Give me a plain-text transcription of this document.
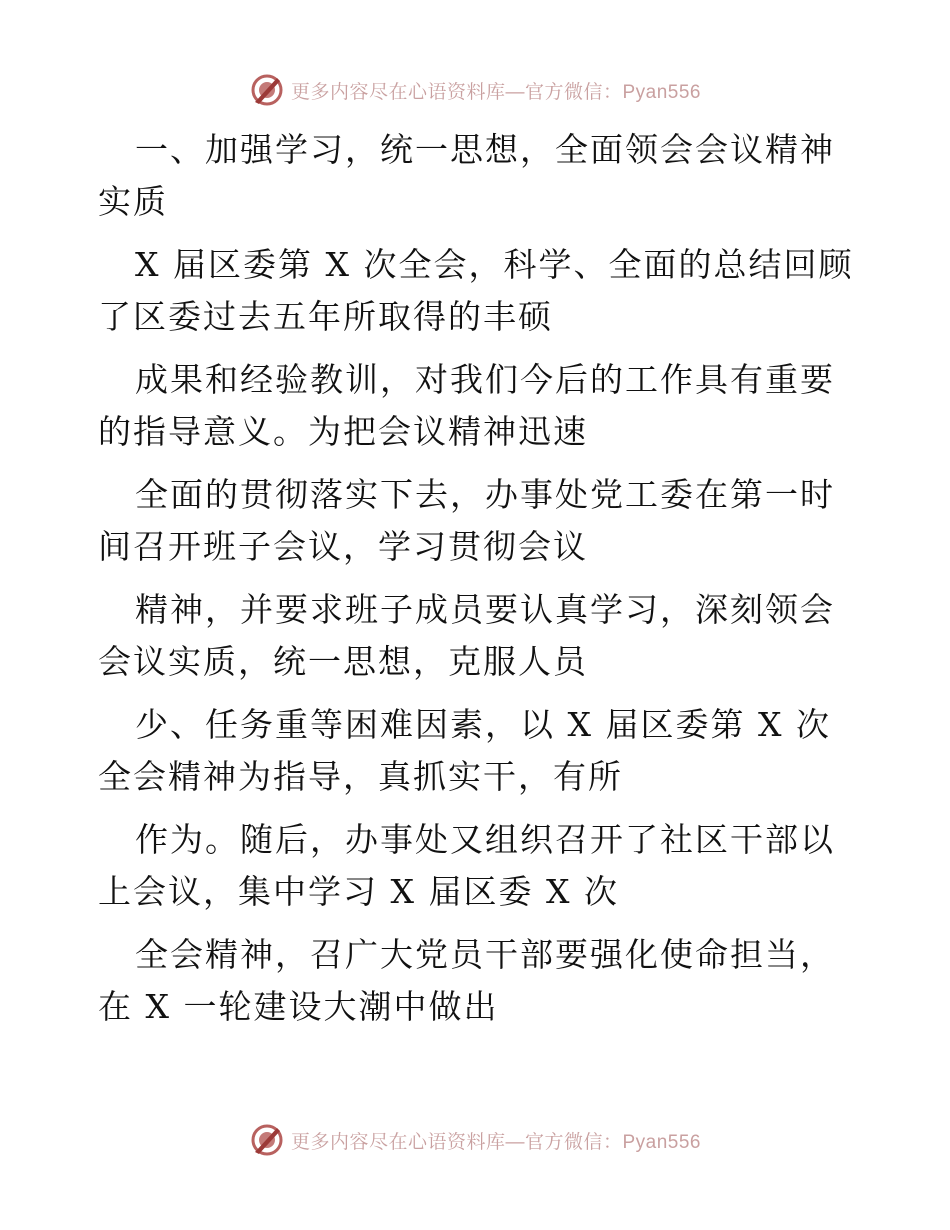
更多内容尽在心语资料库—官方微信：Pyan556

一、加强学习，统一思想，全面领会会议精神实质

X 届区委第 X 次全会，科学、全面的总结回顾了区委过去五年所取得的丰硕

成果和经验教训，对我们今后的工作具有重要的指导意义。为把会议精神迅速

全面的贯彻落实下去，办事处党工委在第一时间召开班子会议，学习贯彻会议

精神，并要求班子成员要认真学习，深刻领会会议实质，统一思想，克服人员

少、任务重等困难因素，以 X 届区委第 X 次全会精神为指导，真抓实干，有所

作为。随后，办事处又组织召开了社区干部以上会议，集中学习 X 届区委 X 次

全会精神，召广大党员干部要强化使命担当，在 X 一轮建设大潮中做出

更多内容尽在心语资料库—官方微信：Pyan556
